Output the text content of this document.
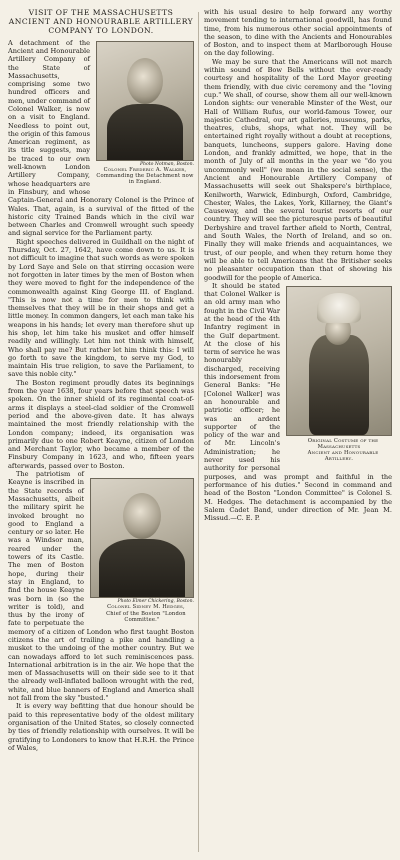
VISIT OF THE MASSACHUSETTS
ANCIENT AND HONOURABLE ARTILLERY
COMPANY TO LONDON.

Photo Notman, Boston.
Colonel Frederic A. Walker,
Commanding the Detachment now in England.
A detachment of the Ancient and Honourable Artillery Company of the State of Massachusetts, comprising some two hundred officers and men, under command of Colonel Walker, is now on a visit to England. Needless to point out, the origin of this famous American regiment, as its title suggests, may be traced to our own well-known London Artillery Company, whose headquarters are in Finsbury, and whose Captain-General and Honorary Colonel is the Prince of Wales. That, again, is a survival of the fitted of the historic city Trained Bands which in the civil war between Charles and Cromwell wrought such speedy and signal service for the Parliament party.

Right speeches delivered in Guildhall on the night of Thursday, Oct. 27, 1642, have come down to us. It is not difficult to imagine that such words as were spoken by Lord Saye and Sele on that stirring occasion were not forgotten in later times by the men of Boston when they were moved to fight for the independence of the commonwealth against King George III. of England. "This is now not a time for men to think with themselves that they will be in their shops and get a little money. In common dangers, let each man take his weapons in his hands; let every man therefore shut up his shop, let him take his musket and offer himself readily and willingly. Let him not think with himself, Who shall pay me? But rather let him think this: I will go forth to save the kingdom, to serve my God, to maintain His true religion, to save the Parliament, to save this noble city."

The Boston regiment proudly dates its beginnings from the year 1638, four years before that speech was spoken. On the inner shield of its regimental coat-of-arms it displays a steel-clad soldier of the Cromwell period and the above-given date. It has always maintained the most friendly relationship with the London company; indeed, its organisation was primarily due to one Robert Keayne, citizen of London and Merchant Taylor, who became a member of the Finsbury Company in 1623, and who, fifteen years afterwards, passed over to Boston.

Photo Elmer Chickering, Boston.
Colonel Sidney M. Hedges,
Chief of the Boston "London Committee."
The patriotism of Keayne is inscribed in the State records of Massachusetts, albeit the military spirit he invoked brought no good to England a century or so later. He was a Windsor man, reared under the towers of its Castle. The men of Boston hope, during their stay in England, to find the house Keayne was born in (so the writer is told), and thus by the irony of fate to perpetuate the memory of a citizen of London who first taught Boston citizens the art of trailing a pike and handling a musket to the undoing of the mother country. But we can nowadays afford to let such reminiscences pass. International arbitration is in the air. We hope that the men of Massachusetts will on their side see to it that the already well-inflated balloon wrought with the red, white, and blue banners of England and America shall not fall from the sky "busted."

It is every way befitting that due honour should be paid to this representative body of the oldest military organisation of the United States, so closely connected by ties of friendly relationship with ourselves. It will be gratifying to Londoners to know that H.R.H. the Prince of Wales,

with his usual desire to help forward any worthy movement tending to international goodwill, has found time, from his numerous other social appointments of the season, to dine with the Ancients and Honourables of Boston, and to inspect them at Marlborough House on the day following.

We may be sure that the Americans will not march within sound of Bow Bells without the ever-ready courtesy and hospitality of the Lord Mayor greeting them friendly, with due civic ceremony and the "loving cup." We shall, of course, show them all our well-known London sights: our venerable Minster of the West, our Hall of William Rufus, our world-famous Tower, our majestic Cathedral, our art galleries, museums, parks, theatres, clubs, shops, what not. They will be entertained right royally without a doubt at receptions, banquets, luncheons, suppers galore. Having done London, and frankly admitted, we hope, that in the month of July of all months in the year we "do you uncommonly well" (we mean in the social sense), the Ancient and Honourable Artillery Company of Massachusetts will seek out Shakspere's birthplace, Kenilworth, Warwick, Edinburgh, Oxford, Cambridge, Chester, Wales, the Lakes, York, Killarney, the Giant's Causeway, and the several tourist resorts of our country. They will see the picturesque parts of beautiful Derbyshire and travel farther afield to North, Central, and South Wales, the North of Ireland, and so on. Finally they will make friends and acquaintances, we trust, of our people, and when they return home they will be able to tell Americans that the Britisher seeks no pleasanter occupation than that of showing his goodwill for the people of America.

Original Costume of the Massachusetts
Ancient and Honourable Artillery.
It should be stated that Colonel Walker is an old army man who fought in the Civil War at the head of the 4th Infantry regiment in the Gulf department. At the close of his term of service he was honourably discharged, receiving this indorsement from General Banks: "He [Colonel Walker] was an honourable and patriotic officer; he was an ardent supporter of the policy of the war and of Mr. Lincoln's Administration; he never used his authority for personal purposes, and was prompt and faithful in the performance of his duties." Second in command and head of the Boston "London Committee" is Colonel S. M. Hedges. The detachment is accompanied by the Salem Cadet Band, under direction of Mr. Jean M. Missud.—C. E. P.
